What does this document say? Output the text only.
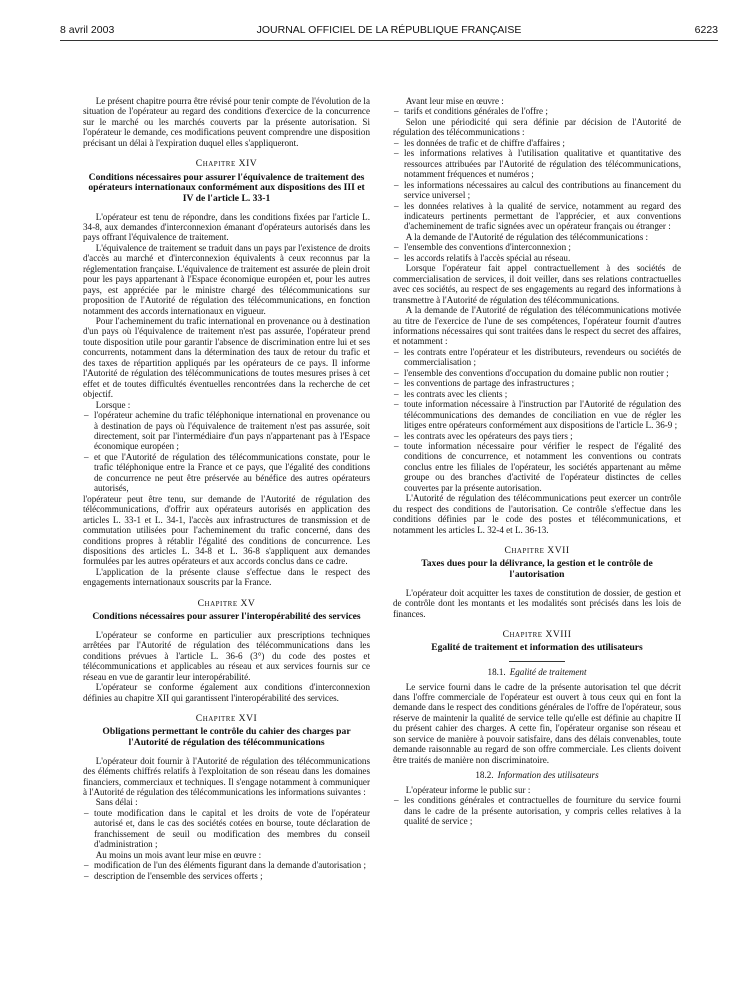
8 avril 2003	JOURNAL OFFICIEL DE LA RÉPUBLIQUE FRANÇAISE	6223

Le présent chapitre pourra être révisé pour tenir compte de l'évolution de la situation de l'opérateur au regard des conditions d'exercice de la concurrence sur le marché ou les marchés couverts par la présente autorisation. Si l'opérateur le demande, ces modifications peuvent comprendre une disposition précisant un délai à l'expiration duquel elles s'appliqueront.

Chapitre XIV
Conditions nécessaires pour assurer l'équivalence de traitement des opérateurs internationaux conformément aux dispositions des III et IV de l'article L. 33-1

L'opérateur est tenu de répondre, dans les conditions fixées par l'article L. 34-8, aux demandes d'interconnexion émanant d'opérateurs autorisés dans les pays offrant l'équivalence de traitement.

L'équivalence de traitement se traduit dans un pays par l'existence de droits d'accès au marché et d'interconnexion équivalents à ceux reconnus par la réglementation française. L'équivalence de traitement est assurée de plein droit pour les pays appartenant à l'Espace économique européen et, pour les autres pays, est appréciée par le ministre chargé des télécommunications sur proposition de l'Autorité de régulation des télécommunications, en fonction notamment des accords internationaux en vigueur.

Pour l'acheminement du trafic international en provenance ou à destination d'un pays où l'équivalence de traitement n'est pas assurée, l'opérateur prend toute disposition utile pour garantir l'absence de discrimination entre lui et ses concurrents, notamment dans la détermination des taux de retour du trafic et des taxes de répartition appliqués par les opérateurs de ce pays. Il informe l'Autorité de régulation des télécommunications de toutes mesures prises à cet effet et de toutes difficultés éventuelles rencontrées dans la recherche de cet objectif.

Lorsque :

– l'opérateur achemine du trafic téléphonique international en provenance ou à destination de pays où l'équivalence de traitement n'est pas assurée, soit directement, soit par l'intermédiaire d'un pays n'appartenant pas à l'Espace économique européen ;
– et que l'Autorité de régulation des télécommunications constate, pour le trafic téléphonique entre la France et ce pays, que l'égalité des conditions de concurrence ne peut être préservée au bénéfice des autres opérateurs autorisés,

l'opérateur peut être tenu, sur demande de l'Autorité de régulation des télécommunications, d'offrir aux opérateurs autorisés en application des articles L. 33-1 et L. 34-1, l'accès aux infrastructures de transmission et de commutation utilisées pour l'acheminement du trafic concerné, dans des conditions propres à rétablir l'égalité des conditions de concurrence. Les dispositions des articles L. 34-8 et L. 36-8 s'appliquent aux demandes formulées par les autres opérateurs et aux accords conclus dans ce cadre.

L'application de la présente clause s'effectue dans le respect des engagements internationaux souscrits par la France.

Chapitre XV
Conditions nécessaires pour assurer l'interopérabilité des services

L'opérateur se conforme en particulier aux prescriptions techniques arrêtées par l'Autorité de régulation des télécommunications dans les conditions prévues à l'article L. 36-6 (3°) du code des postes et télécommunications et applicables au réseau et aux services fournis sur ce réseau en vue de garantir leur interopérabilité.

L'opérateur se conforme également aux conditions d'interconnexion définies au chapitre XII qui garantissent l'interopérabilité des services.

Chapitre XVI
Obligations permettant le contrôle du cahier des charges par l'Autorité de régulation des télécommunications

L'opérateur doit fournir à l'Autorité de régulation des télécommunications des éléments chiffrés relatifs à l'exploitation de son réseau dans les domaines financiers, commerciaux et techniques. Il s'engage notamment à communiquer à l'Autorité de régulation des télécommunications les informations suivantes :

Sans délai :

– toute modification dans le capital et les droits de vote de l'opérateur autorisé et, dans le cas des sociétés cotées en bourse, toute déclaration de franchissement de seuil ou modification des membres du conseil d'administration ;

Au moins un mois avant leur mise en œuvre :

– modification de l'un des éléments figurant dans la demande d'autorisation ;
– description de l'ensemble des services offerts ;

Avant leur mise en œuvre :

– tarifs et conditions générales de l'offre ;

Selon une périodicité qui sera définie par décision de l'Autorité de régulation des télécommunications :

– les données de trafic et de chiffre d'affaires ;
– les informations relatives à l'utilisation qualitative et quantitative des ressources attribuées par l'Autorité de régulation des télécommunications, notamment fréquences et numéros ;
– les informations nécessaires au calcul des contributions au financement du service universel ;
– les données relatives à la qualité de service, notamment au regard des indicateurs pertinents permettant de l'apprécier, et aux conventions d'acheminement de trafic signées avec un opérateur français ou étranger :

A la demande de l'Autorité de régulation des télécommunications :

– l'ensemble des conventions d'interconnexion ;
– les accords relatifs à l'accès spécial au réseau.

Lorsque l'opérateur fait appel contractuellement à des sociétés de commercialisation de services, il doit veiller, dans ses relations contractuelles avec ces sociétés, au respect de ses engagements au regard des informations à transmettre à l'Autorité de régulation des télécommunications.

A la demande de l'Autorité de régulation des télécommunications motivée au titre de l'exercice de l'une de ses compétences, l'opérateur fournit d'autres informations nécessaires qui sont traitées dans le respect du secret des affaires, et notamment :

– les contrats entre l'opérateur et les distributeurs, revendeurs ou sociétés de commercialisation ;
– l'ensemble des conventions d'occupation du domaine public non routier ;
– les conventions de partage des infrastructures ;
– les contrats avec les clients ;
– toute information nécessaire à l'instruction par l'Autorité de régulation des télécommunications des demandes de conciliation en vue de régler les litiges entre opérateurs conformément aux dispositions de l'article L. 36-9 ;
– les contrats avec les opérateurs des pays tiers ;
– toute information nécessaire pour vérifier le respect de l'égalité des conditions de concurrence, et notamment les conventions ou contrats conclus entre les filiales de l'opérateur, les sociétés appartenant au même groupe ou des branches d'activité de l'opérateur distinctes de celles couvertes par la présente autorisation.

L'Autorité de régulation des télécommunications peut exercer un contrôle du respect des conditions de l'autorisation. Ce contrôle s'effectue dans les conditions définies par le code des postes et télécommunications, et notamment les articles L. 32-4 et L. 36-13.

Chapitre XVII
Taxes dues pour la délivrance, la gestion et le contrôle de l'autorisation

L'opérateur doit acquitter les taxes de constitution de dossier, de gestion et de contrôle dont les montants et les modalités sont précisés dans les lois de finances.

Chapitre XVIII
Egalité de traitement et information des utilisateurs
18.1. Egalité de traitement

Le service fourni dans le cadre de la présente autorisation tel que décrit dans l'offre commerciale de l'opérateur est ouvert à tous ceux qui en font la demande dans le respect des conditions générales de l'offre de l'opérateur, sous réserve de maintenir la qualité de service telle qu'elle est définie au chapitre II du présent cahier des charges. A cette fin, l'opérateur organise son réseau et son service de manière à pouvoir satisfaire, dans des délais convenables, toute demande raisonnable au regard de son offre commerciale. Les clients doivent être traités de manière non discriminatoire.

18.2. Information des utilisateurs

L'opérateur informe le public sur :

– les conditions générales et contractuelles de fourniture du service fourni dans le cadre de la présente autorisation, y compris celles relatives à la qualité de service ;
